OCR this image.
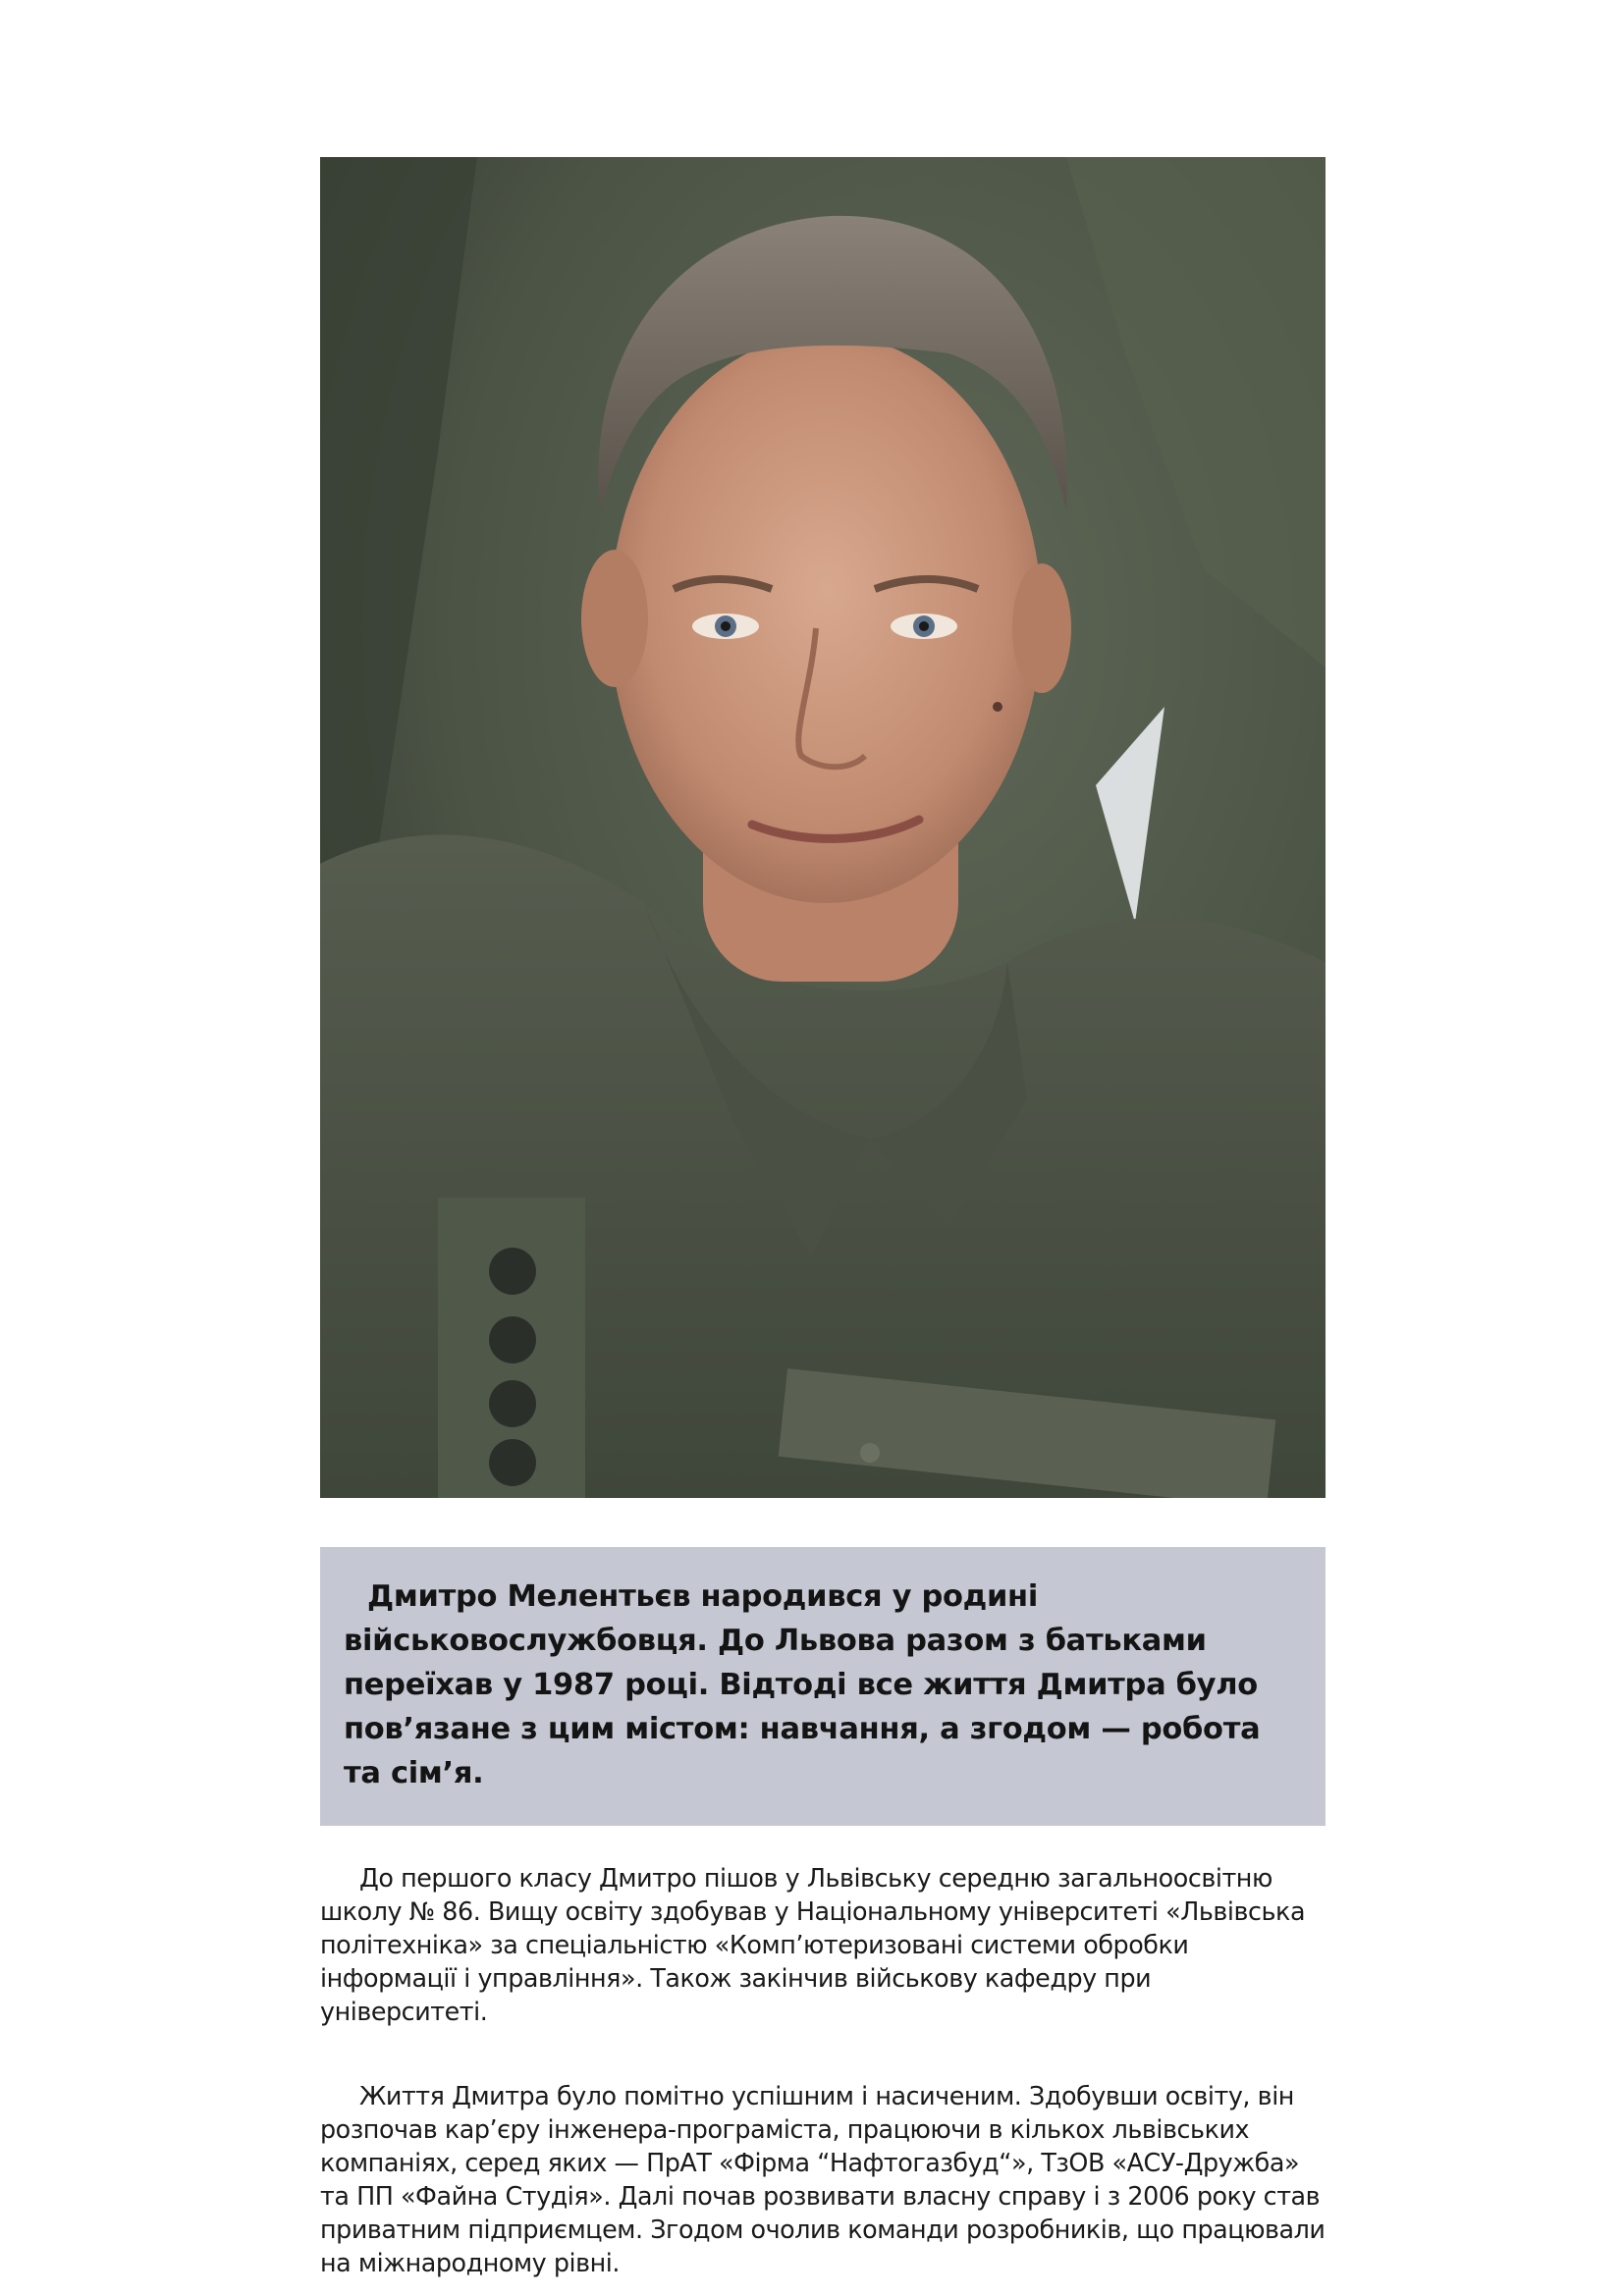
Дмитро Мелентьєв народився у родині військовослужбовця. До Львова разом з батьками переїхав у 1987 році. Відтоді все життя Дмитра було пов’язане з цим містом: навчання, а згодом — робота та сім’я.

До першого класу Дмитро пішов у Львівську середню загальноосвітню школу № 86. Вищу освіту здобував у Національному університеті «Львівська політехніка» за спеціальністю «Комп’ютеризовані системи обробки інформації і управління». Також закінчив військову кафедру при університеті.

Життя Дмитра було помітно успішним і насиченим. Здобувши освіту, він розпочав кар’єру інженера-програміста, працюючи в кількох львівських компаніях, серед яких — ПрАТ «Фірма “Нафтогазбуд“», ТзОВ «АСУ-Дружба» та ПП «Файна Студія». Далі почав розвивати власну справу і з 2006 року став приватним підприємцем. Згодом очолив команди розробників, що працювали на міжнародному рівні.
